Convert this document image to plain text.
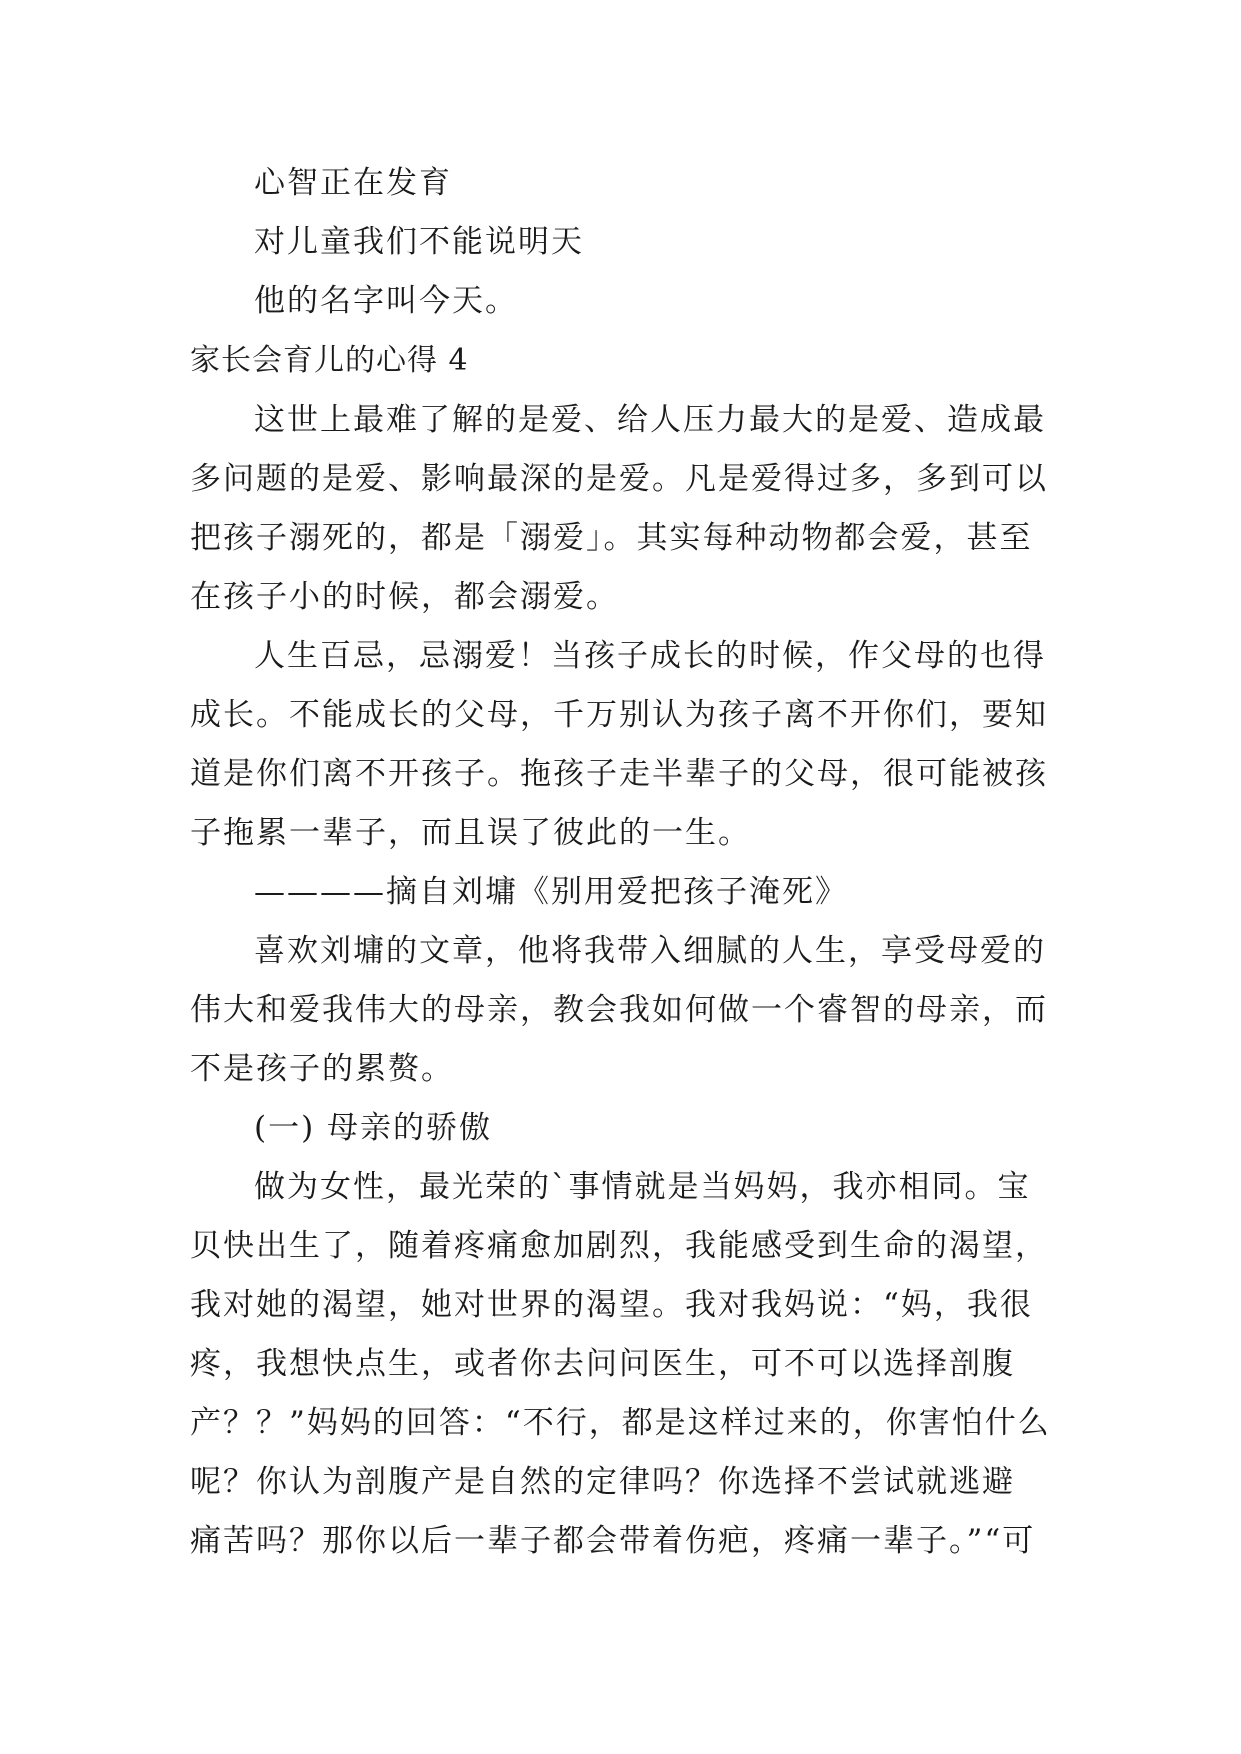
心智正在发育
对儿童我们不能说明天
他的名字叫今天。
家长会育儿的心得 4
这世上最难了解的是爱、给人压力最大的是爱、造成最
多问题的是爱、影响最深的是爱。凡是爱得过多，多到可以
把孩子溺死的，都是「溺爱」。其实每种动物都会爱，甚至
在孩子小的时候，都会溺爱。
人生百忌，忌溺爱！当孩子成长的时候，作父母的也得
成长。不能成长的父母，千万别认为孩子离不开你们，要知
道是你们离不开孩子。拖孩子走半辈子的父母，很可能被孩
子拖累一辈子，而且误了彼此的一生。
————摘自刘墉《别用爱把孩子淹死》
喜欢刘墉的文章，他将我带入细腻的人生，享受母爱的
伟大和爱我伟大的母亲，教会我如何做一个睿智的母亲，而
不是孩子的累赘。
(一) 母亲的骄傲
做为女性，最光荣的`事情就是当妈妈，我亦相同。宝
贝快出生了，随着疼痛愈加剧烈，我能感受到生命的渴望，
我对她的渴望，她对世界的渴望。我对我妈说：“妈，我很
疼，我想快点生，或者你去问问医生，可不可以选择剖腹
产？？”妈妈的回答：“不行，都是这样过来的，你害怕什么
呢？你认为剖腹产是自然的定律吗？你选择不尝试就逃避
痛苦吗？那你以后一辈子都会带着伤疤，疼痛一辈子。”“可
